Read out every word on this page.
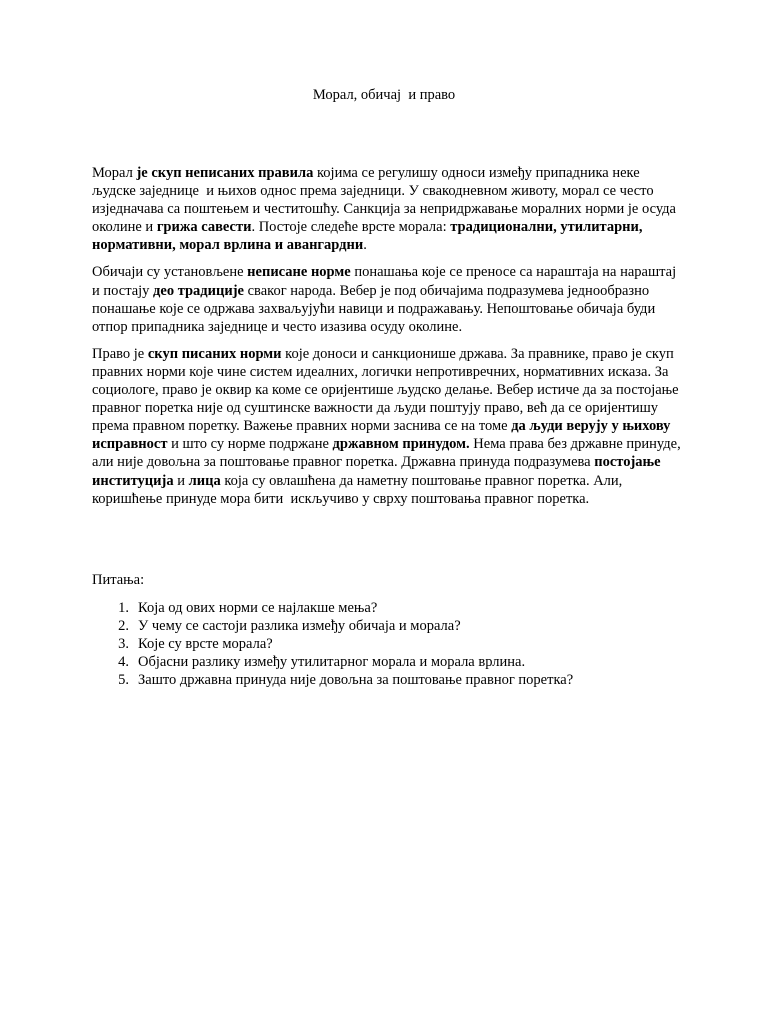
Морал, обичај  и право

Морал је скуп неписаних правила којима се регулишу односи између припадника неке људске заједнице  и њихов однос према заједници. У свакодневном животу, морал се често изједначава са поштењем и честитошћу. Санкција за непридржавање моралних норми је осуда околине и грижа савести. Постоје следеће врсте морала: традиционални, утилитарни, нормативни, морал врлина и авангардни.

Обичаји су установљене неписане норме понашања које се преносе са нараштаја на нараштај и постају део традиције сваког народа. Вебер је под обичајима подразумева једнообразно понашање које се одржава захваљујући навици и подражавању. Непоштовање обичаја буди отпор припадника заједнице и често изазива осуду околине.

Право је скуп писаних норми које доноси и санкционише држава. За правнике, право је скуп правних норми које чине систем идеалних, логички непротивречних, нормативних исказа. За социологе, право је оквир ка коме се оријентише људско делање. Вебер истиче да за постојање правног поретка није од суштинске важности да људи поштују право, већ да се оријентишу према правном поретку. Важење правних норми заснива се на томе да људи верују у њихову исправност и што су норме подржане државном принудом. Нема права без државне принуде, али није довољна за поштовање правног поретка. Државна принуда подразумева постојање институција и лица која су овлашћена да наметну поштовање правног поретка. Али, коришћење принуде мора бити  искључиво у сврху поштовања правног поретка.

Питања:
1. Која од ових норми се најлакше мења?
2. У чему се састоји разлика између обичаја и морала?
3. Које су врсте морала?
4. Објасни разлику између утилитарног морала и морала врлина.
5. Зашто државна принуда није довољна за поштовање правног поретка?
